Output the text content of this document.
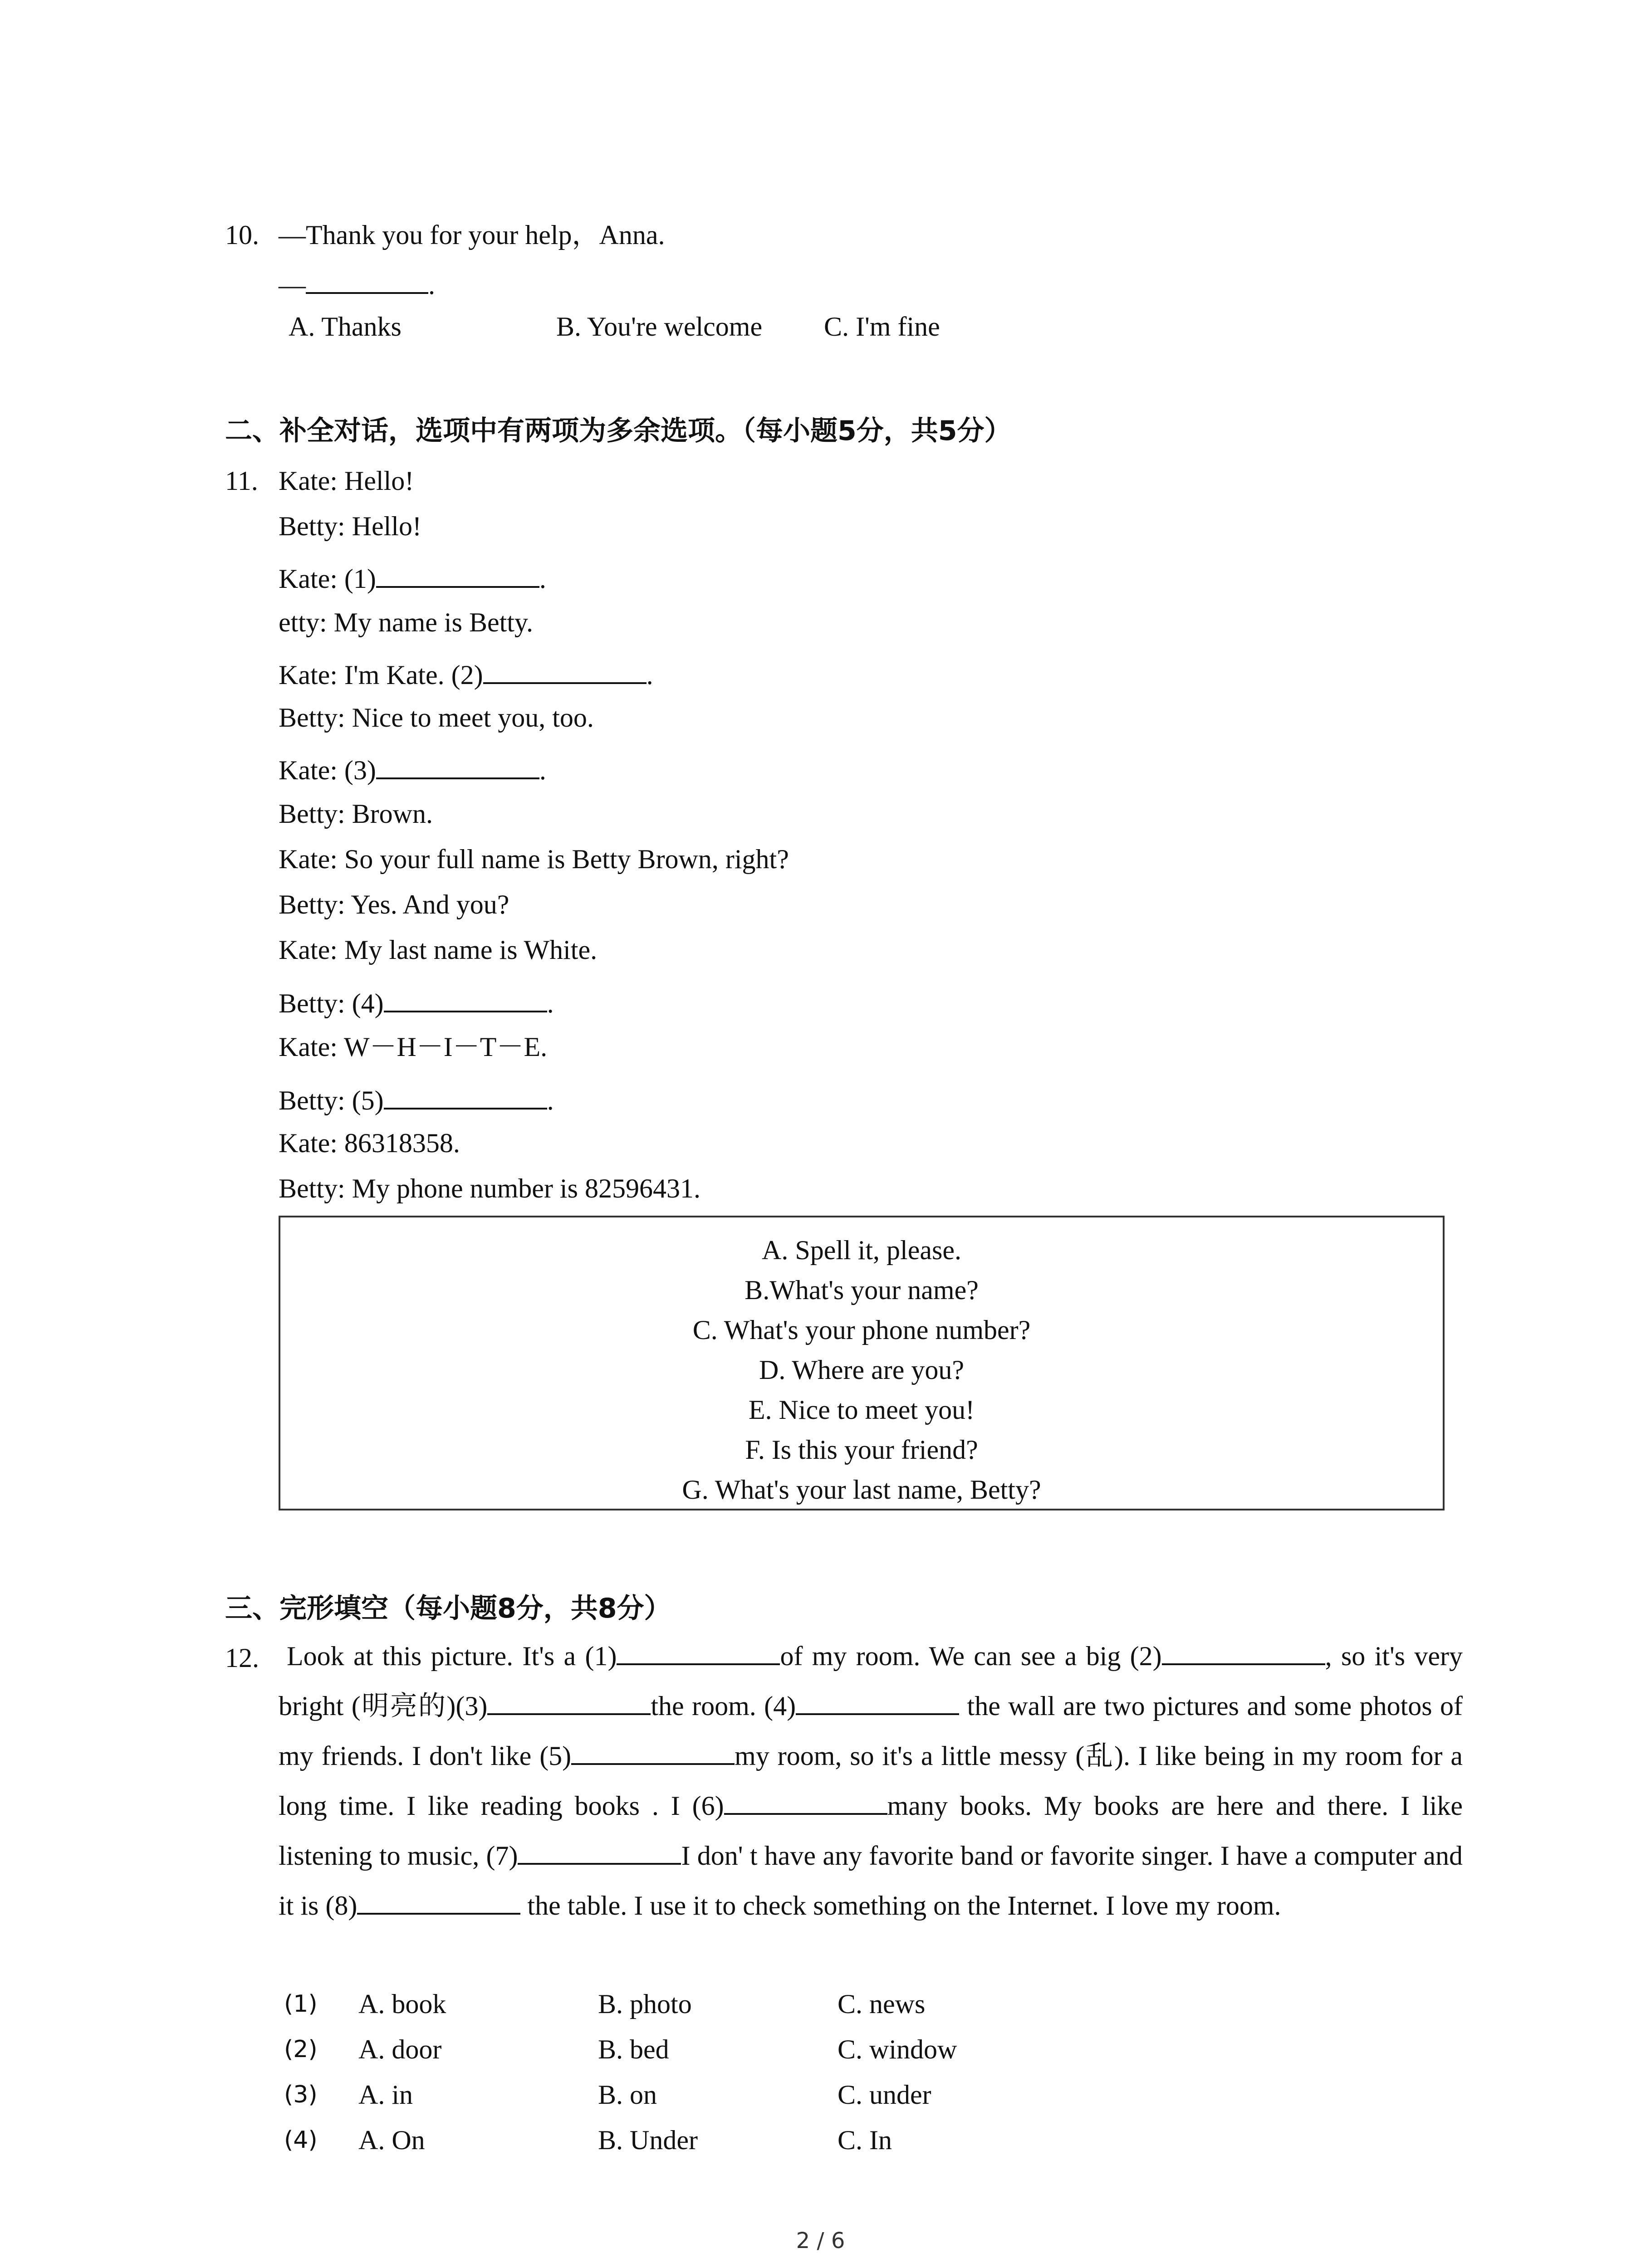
10. —Thank you for your help，Anna.
—	.
A. Thanks	B. You're welcome C. I'm fine
二、补全对话，选项中有两项为多余选项。（每小题5分，共5分）
11. Kate: Hello!
Betty: Hello!
Kate: (1)	.
etty: My name is Betty.
Kate: I'm Kate. (2)	.
Betty: Nice to meet you, too.
Kate: (3)	.
Betty: Brown.
Kate: So your full name is Betty Brown, right?
Betty: Yes. And you?
Kate: My last name is White.
Betty: (4)	.
Kate: W－H－I－T－E.
Betty: (5)	.
Kate: 86318358.
Betty: My phone number is 82596431.
A. Spell it, please.
B.What's your name?
C. What's your phone number?
D. Where are you?
E. Nice to meet you!
F. Is this your friend?
G. What's your last name, Betty?
三、完形填空（每小题8分，共8分）
12.	Look at this picture. It's a (1)	of my room. We can see a big (2)	, so it's very bright (明亮的)(3)	the room. (4)	the wall are two pictures and some photos of my friends. I don't like (5)	my room, so it's a little messy (乱). I like being in my room for a long time. I like reading books . I (6)	many books. My books are here and there. I like listening to music, (7)	I don' t have any favorite band or favorite singer. I have a computer and it is (8)	the table. I use it to check something on the Internet. I love my room.
(1) A. book	B. photo	C. news
(2) A. door	B. bed	C. window
(3) A. in	B. on	C. under
(4) A. On	B. Under	C. In
2 / 6
